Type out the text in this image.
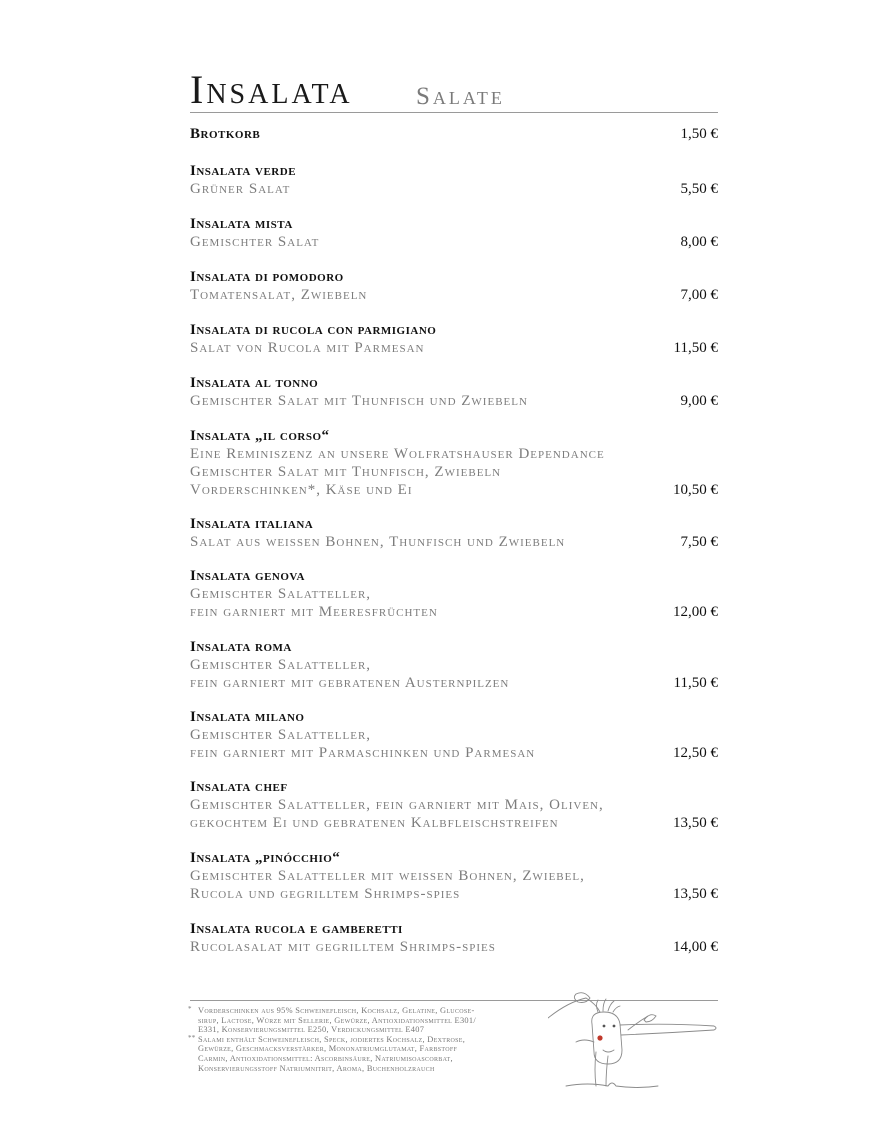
Insalata	Salate
Brotkorb	1,50 €
Insalata verde
Grüner Salat	5,50 €
Insalata mista
Gemischter Salat	8,00 €
Insalata di pomodoro
Tomatensalat, Zwiebeln	7,00 €
Insalata di rucola con parmigiano
Salat von Rucola mit Parmesan	11,50 €
Insalata al tonno
Gemischter Salat mit Thunfisch und Zwiebeln	9,00 €
Insalata „il corso“
Eine Reminiszenz an unsere Wolfratshauser Dependance
Gemischter Salat mit Thunfisch, Zwiebeln
Vorderschinken*, Käse und Ei	10,50 €
Insalata italiana
Salat aus weissen Bohnen, Thunfisch und Zwiebeln	7,50 €
Insalata genova
Gemischter Salatteller,
fein garniert mit Meeresfrüchten	12,00 €
Insalata roma
Gemischter Salatteller,
fein garniert mit gebratenen Austernpilzen	11,50 €
Insalata milano
Gemischter Salatteller,
fein garniert mit Parmaschinken und Parmesan	12,50 €
Insalata chef
Gemischter Salatteller, fein garniert mit Mais, Oliven,
gekochtem Ei und gebratenen Kalbfleischstreifen	13,50 €
Insalata „pinócchio“
Gemischter Salatteller mit weissen Bohnen, Zwiebel,
Rucola und gegrilltem Shrimps-spies	13,50 €
Insalata rucola e gamberetti
Rucolasalat mit gegrilltem Shrimps-spies	14,00 €
* Vorderschinken aus 95% Schweinefleisch, Kochsalz, Gelatine, Glucose-
sirup, Lactose, Würze mit Sellerie, Gewürze, Antioxidationsmittel E301/
E331, Konservierungsmittel E250, Verdickungsmittel E407
** Salami enthält Schweinefleisch, Speck, jodiertes Kochsalz, Dextrose,
Gewürze, Geschmacksverstärker, Mononatriumglutamat, Farbstoff
Carmin, Antioxidationsmittel: Ascorbinsäure, Natriumisoascorbat,
Konservierungsstoff Natriumnitrit, Aroma, Buchenholzrauch
